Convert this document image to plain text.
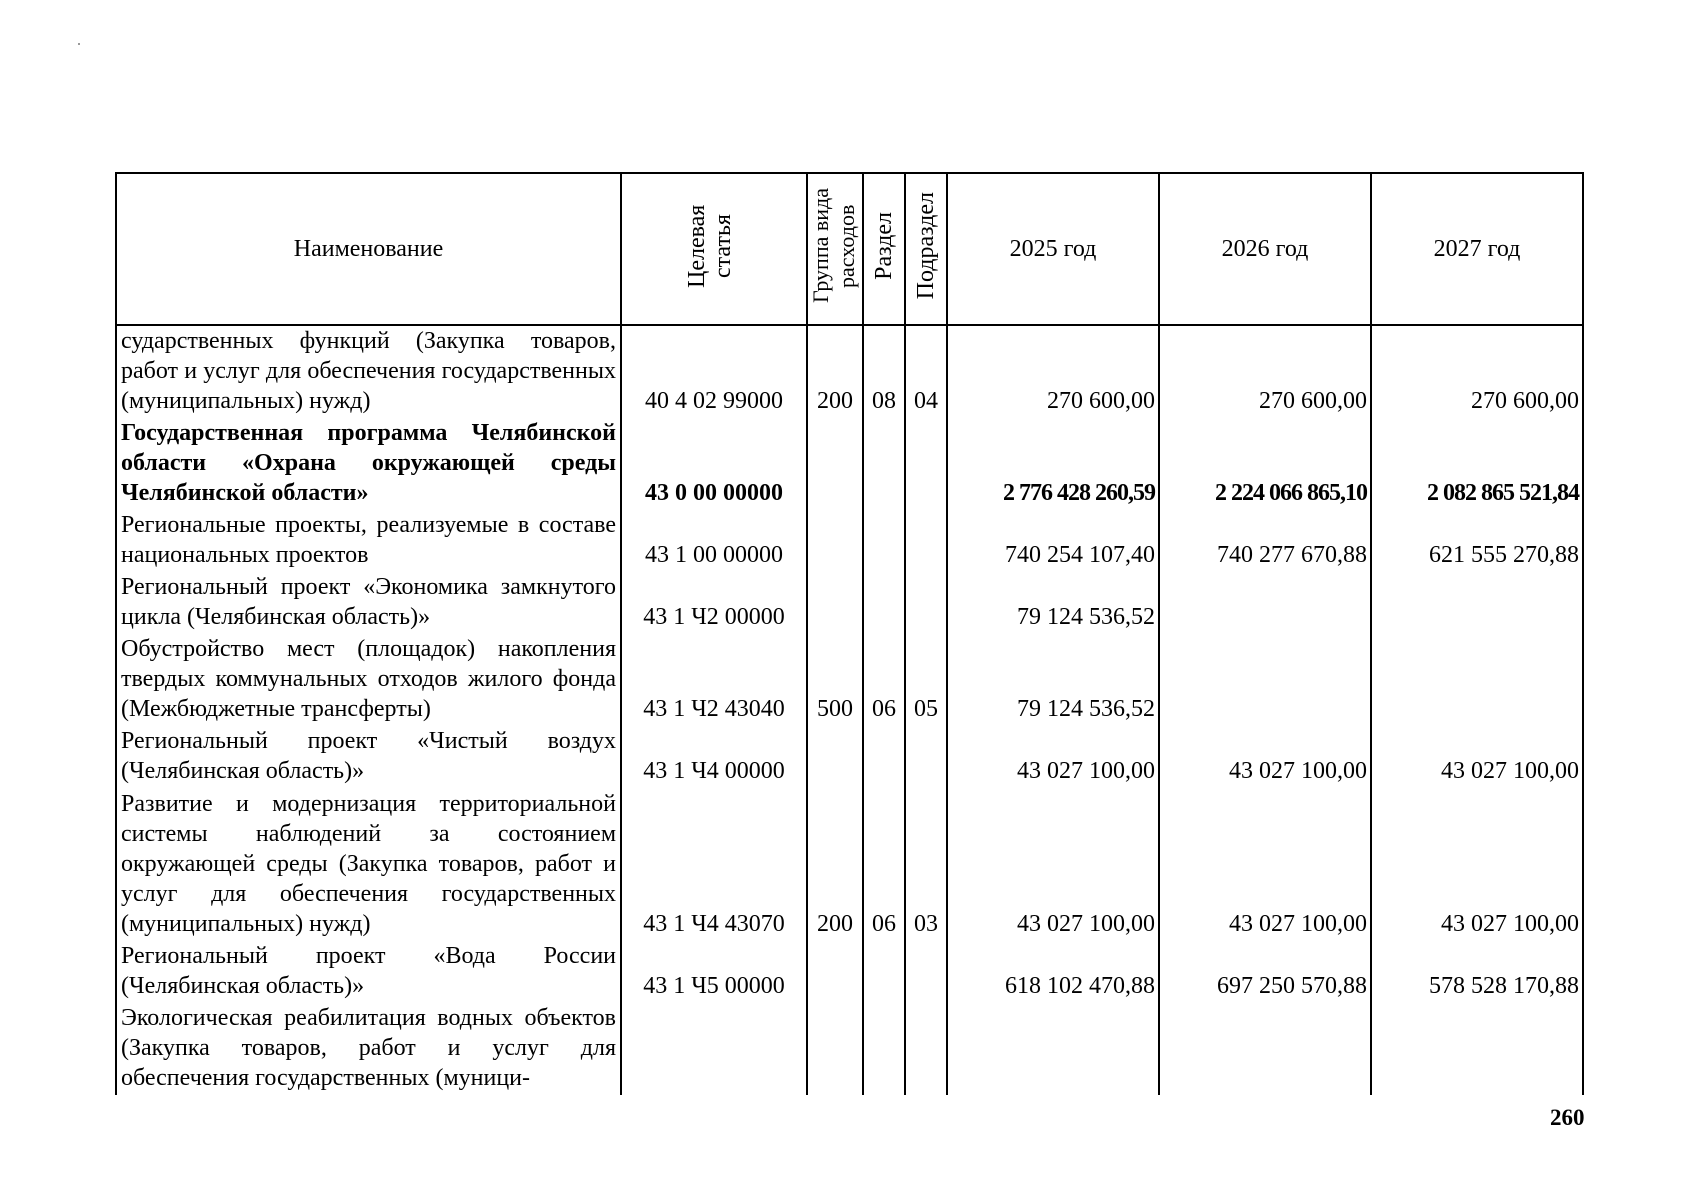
Наименование	Целевая статья	Группа вида расходов	Раздел	Подраздел	2025 год	2026 год	2027 год
сударственных функций (Закупка товаров, работ и услуг для обеспечения государственных (муниципальных) нужд)	40 4 02 99000	200	08	04	270 600,00	270 600,00	270 600,00
Государственная программа Челябинской области «Охрана окружающей среды Челябинской области»	43 0 00 00000				2 776 428 260,59	2 224 066 865,10	2 082 865 521,84
Региональные проекты, реализуемые в составе национальных проектов	43 1 00 00000				740 254 107,40	740 277 670,88	621 555 270,88
Региональный проект «Экономика замкнутого цикла (Челябинская область)»	43 1 Ч2 00000				79 124 536,52		
Обустройство мест (площадок) накопления твердых коммунальных отходов жилого фонда (Межбюджетные трансферты)	43 1 Ч2 43040	500	06	05	79 124 536,52		
Региональный проект «Чистый воздух (Челябинская область)»	43 1 Ч4 00000				43 027 100,00	43 027 100,00	43 027 100,00
Развитие и модернизация территориальной системы наблюдений за состоянием окружающей среды (Закупка товаров, работ и услуг для обеспечения государственных (муниципальных) нужд)	43 1 Ч4 43070	200	06	03	43 027 100,00	43 027 100,00	43 027 100,00
Региональный проект «Вода России (Челябинская область)»	43 1 Ч5 00000				618 102 470,88	697 250 570,88	578 528 170,88
Экологическая реабилитация водных объектов (Закупка товаров, работ и услуг для обеспечения государственных (муници-							
260
